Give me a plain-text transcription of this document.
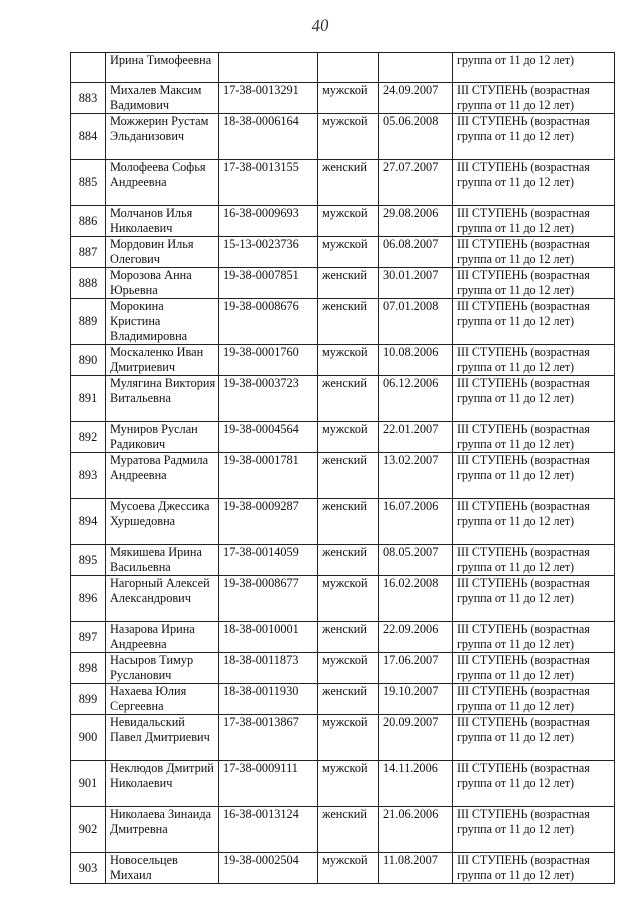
40
	Ирина Тимофеевна				группа от 11 до 12 лет)
883	Михалев Максим Вадимович	17-38-0013291	мужской	24.09.2007	III СТУПЕНЬ (возрастная группа от 11 до 12 лет)
884	Можжерин Рустам Эльданизович	18-38-0006164	мужской	05.06.2008	III СТУПЕНЬ (возрастная группа от 11 до 12 лет)
885	Молофеева Софья Андреевна	17-38-0013155	женский	27.07.2007	III СТУПЕНЬ (возрастная группа от 11 до 12 лет)
886	Молчанов Илья Николаевич	16-38-0009693	мужской	29.08.2006	III СТУПЕНЬ (возрастная группа от 11 до 12 лет)
887	Мордовин Илья Олегович	15-13-0023736	мужской	06.08.2007	III СТУПЕНЬ (возрастная группа от 11 до 12 лет)
888	Морозова Анна Юрьевна	19-38-0007851	женский	30.01.2007	III СТУПЕНЬ (возрастная группа от 11 до 12 лет)
889	Морокина Кристина Владимировна	19-38-0008676	женский	07.01.2008	III СТУПЕНЬ (возрастная группа от 11 до 12 лет)
890	Москаленко Иван Дмитриевич	19-38-0001760	мужской	10.08.2006	III СТУПЕНЬ (возрастная группа от 11 до 12 лет)
891	Мулягина Виктория Витальевна	19-38-0003723	женский	06.12.2006	III СТУПЕНЬ (возрастная группа от 11 до 12 лет)
892	Муниров Руслан Радикович	19-38-0004564	мужской	22.01.2007	III СТУПЕНЬ (возрастная группа от 11 до 12 лет)
893	Муратова Радмила Андреевна	19-38-0001781	женский	13.02.2007	III СТУПЕНЬ (возрастная группа от 11 до 12 лет)
894	Мусоева Джессика Хуршедовна	19-38-0009287	женский	16.07.2006	III СТУПЕНЬ (возрастная группа от 11 до 12 лет)
895	Мякишева Ирина Васильевна	17-38-0014059	женский	08.05.2007	III СТУПЕНЬ (возрастная группа от 11 до 12 лет)
896	Нагорный Алексей Александрович	19-38-0008677	мужской	16.02.2008	III СТУПЕНЬ (возрастная группа от 11 до 12 лет)
897	Назарова Ирина Андреевна	18-38-0010001	женский	22.09.2006	III СТУПЕНЬ (возрастная группа от 11 до 12 лет)
898	Насыров Тимур Русланович	18-38-0011873	мужской	17.06.2007	III СТУПЕНЬ (возрастная группа от 11 до 12 лет)
899	Нахаева Юлия Сергеевна	18-38-0011930	женский	19.10.2007	III СТУПЕНЬ (возрастная группа от 11 до 12 лет)
900	Невидальский Павел Дмитриевич	17-38-0013867	мужской	20.09.2007	III СТУПЕНЬ (возрастная группа от 11 до 12 лет)
901	Неклюдов Дмитрий Николаевич	17-38-0009111	мужской	14.11.2006	III СТУПЕНЬ (возрастная группа от 11 до 12 лет)
902	Николаева Зинаида Дмитревна	16-38-0013124	женский	21.06.2006	III СТУПЕНЬ (возрастная группа от 11 до 12 лет)
903	Новосельцев Михаил	19-38-0002504	мужской	11.08.2007	III СТУПЕНЬ (возрастная группа от 11 до 12 лет)
